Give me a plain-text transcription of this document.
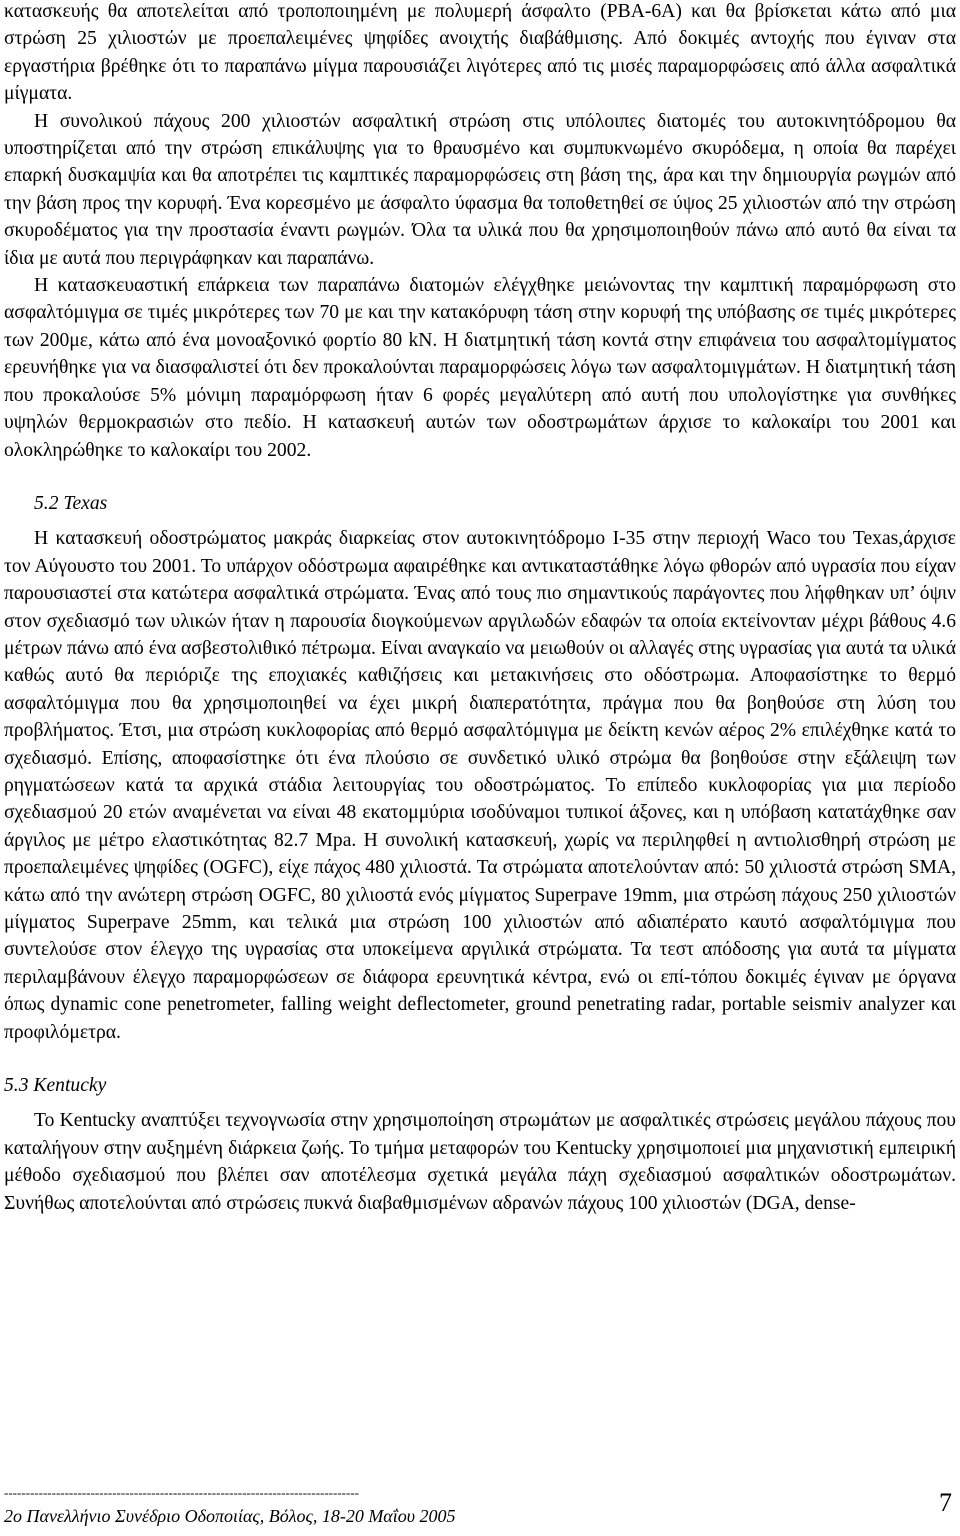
κατασκευής θα αποτελείται από τροποποιημένη με πολυμερή άσφαλτο (PBA-6A) και θα βρίσκεται κάτω από μια στρώση 25 χιλιοστών με προεπαλειμένες ψηφίδες ανοιχτής διαβάθμισης. Από δοκιμές αντοχής που έγιναν στα εργαστήρια βρέθηκε ότι το παραπάνω μίγμα παρουσιάζει λιγότερες από τις μισές παραμορφώσεις από άλλα ασφαλτικά μίγματα.

Η συνολικού πάχους 200 χιλιοστών ασφαλτική στρώση στις υπόλοιπες διατομές του αυτοκινητόδρομου θα υποστηρίζεται από την στρώση επικάλυψης για το θραυσμένο και συμπυκνωμένο σκυρόδεμα, η οποία θα παρέχει επαρκή δυσκαμψία και θα αποτρέπει τις καμπτικές παραμορφώσεις στη βάση της, άρα και την δημιουργία ρωγμών από την βάση προς την κορυφή. Ένα κορεσμένο με άσφαλτο ύφασμα θα τοποθετηθεί σε ύψος 25 χιλιοστών από την στρώση σκυροδέματος για την προστασία έναντι ρωγμών. Όλα τα υλικά που θα χρησιμοποιηθούν πάνω από αυτό θα είναι τα ίδια με αυτά που περιγράφηκαν και παραπάνω.

Η κατασκευαστική επάρκεια των παραπάνω διατομών ελέγχθηκε μειώνοντας την καμπτική παραμόρφωση στο ασφαλτόμιγμα σε τιμές μικρότερες των 70 με και την κατακόρυφη τάση στην κορυφή της υπόβασης σε τιμές μικρότερες των 200με, κάτω από ένα μονοαξονικό φορτίο 80 kN. Η διατμητική τάση κοντά στην επιφάνεια του ασφαλτομίγματος ερευνήθηκε για να διασφαλιστεί ότι δεν προκαλούνται παραμορφώσεις λόγω των ασφαλτομιγμάτων. Η διατμητική τάση που προκαλούσε 5% μόνιμη παραμόρφωση ήταν 6 φορές μεγαλύτερη από αυτή που υπολογίστηκε για συνθήκες υψηλών θερμοκρασιών στο πεδίο. Η κατασκευή αυτών των οδοστρωμάτων άρχισε το καλοκαίρι του 2001 και ολοκληρώθηκε το καλοκαίρι του 2002.

5.2 Texas

Η κατασκευή οδοστρώματος μακράς διαρκείας στον αυτοκινητόδρομο I-35 στην περιοχή Waco του Texas,άρχισε τον Αύγουστο του 2001. Το υπάρχον οδόστρωμα αφαιρέθηκε και αντικαταστάθηκε λόγω φθορών από υγρασία που είχαν παρουσιαστεί στα κατώτερα ασφαλτικά στρώματα. Ένας από τους πιο σημαντικούς παράγοντες που λήφθηκαν υπ’ όψιν στον σχεδιασμό των υλικών ήταν η παρουσία διογκούμενων αργιλωδών εδαφών τα οποία εκτείνονταν μέχρι βάθους 4.6 μέτρων πάνω από ένα ασβεστολιθικό πέτρωμα. Είναι αναγκαίο να μειωθούν οι αλλαγές στης υγρασίας για αυτά τα υλικά καθώς αυτό θα περιόριζε της εποχιακές καθιζήσεις και μετακινήσεις στο οδόστρωμα. Αποφασίστηκε το θερμό ασφαλτόμιγμα που θα χρησιμοποιηθεί να έχει μικρή διαπερατότητα, πράγμα που θα βοηθούσε στη λύση του προβλήματος. Έτσι, μια στρώση κυκλοφορίας από θερμό ασφαλτόμιγμα με δείκτη κενών αέρος 2% επιλέχθηκε κατά το σχεδιασμό. Επίσης, αποφασίστηκε ότι ένα πλούσιο σε συνδετικό υλικό στρώμα θα βοηθούσε στην εξάλειψη των ρηγματώσεων κατά τα αρχικά στάδια λειτουργίας του οδοστρώματος. Το επίπεδο κυκλοφορίας για μια περίοδο σχεδιασμού 20 ετών αναμένεται να είναι 48 εκατομμύρια ισοδύναμοι τυπικοί άξονες, και η υπόβαση κατατάχθηκε σαν άργιλος με μέτρο ελαστικότητας 82.7 Mpa. Η συνολική κατασκευή, χωρίς να περιληφθεί η αντιολισθηρή στρώση με προεπαλειμένες ψηφίδες (OGFC), είχε πάχος 480 χιλιοστά. Τα στρώματα αποτελούνταν από: 50 χιλιοστά στρώση SMA, κάτω από την ανώτερη στρώση OGFC, 80 χιλιοστά ενός μίγματος Superpave 19mm, μια στρώση πάχους 250 χιλιοστών μίγματος Superpave 25mm, και τελικά μια στρώση 100 χιλιοστών από αδιαπέρατο καυτό ασφαλτόμιγμα που συντελούσε στον έλεγχο της υγρασίας στα υποκείμενα αργιλικά στρώματα. Τα τεστ απόδοσης για αυτά τα μίγματα περιλαμβάνουν έλεγχο παραμορφώσεων σε διάφορα ερευνητικά κέντρα, ενώ οι επί-τόπου δοκιμές έγιναν με όργανα όπως dynamic cone penetrometer, falling weight deflectometer, ground penetrating radar, portable seismiv analyzer και προφιλόμετρα.

5.3 Kentucky

Το Kentucky αναπτύξει τεχνογνωσία στην χρησιμοποίηση στρωμάτων με ασφαλτικές στρώσεις μεγάλου πάχους που καταλήγουν στην αυξημένη διάρκεια ζωής. Το τμήμα μεταφορών του Kentucky χρησιμοποιεί μια μηχανιστική εμπειρική μέθοδο σχεδιασμού που βλέπει σαν αποτέλεσμα σχετικά μεγάλα πάχη σχεδιασμού ασφαλτικών οδοστρωμάτων. Συνήθως αποτελούνται από στρώσεις πυκνά διαβαθμισμένων αδρανών πάχους 100 χιλιοστών (DGA, dense-

----------------------------------------------------------------------------------
2ο Πανελλήνιο Συνέδριο Οδοποιίας, Βόλος, 18-20 Μαΐου 2005	7
